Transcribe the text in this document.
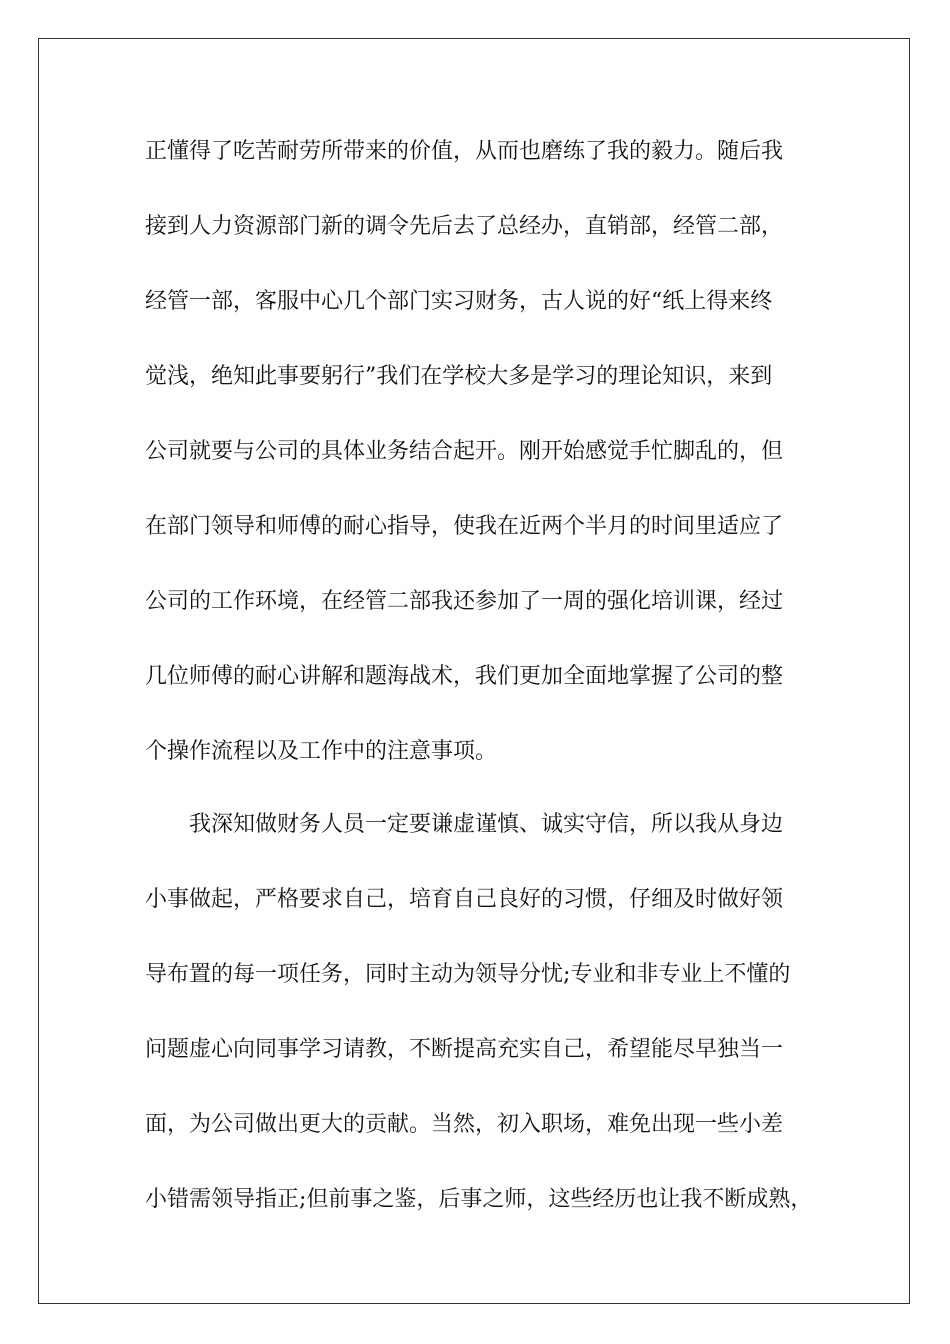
正懂得了吃苦耐劳所带来的价值，从而也磨练了我的毅力。随后我
接到人力资源部门新的调令先后去了总经办，直销部，经管二部，
经管一部，客服中心几个部门实习财务，古人说的好“纸上得来终
觉浅，绝知此事要躬行”我们在学校大多是学习的理论知识，来到
公司就要与公司的具体业务结合起开。刚开始感觉手忙脚乱的，但
在部门领导和师傅的耐心指导，使我在近两个半月的时间里适应了
公司的工作环境，在经管二部我还参加了一周的强化培训课，经过
几位师傅的耐心讲解和题海战术，我们更加全面地掌握了公司的整
个操作流程以及工作中的注意事项。
我深知做财务人员一定要谦虚谨慎、诚实守信，所以我从身边
小事做起，严格要求自己，培育自己良好的习惯，仔细及时做好领
导布置的每一项任务，同时主动为领导分忧;专业和非专业上不懂的
问题虚心向同事学习请教，不断提高充实自己，希望能尽早独当一
面，为公司做出更大的贡献。当然，初入职场，难免出现一些小差
小错需领导指正;但前事之鉴，后事之师，这些经历也让我不断成熟，
